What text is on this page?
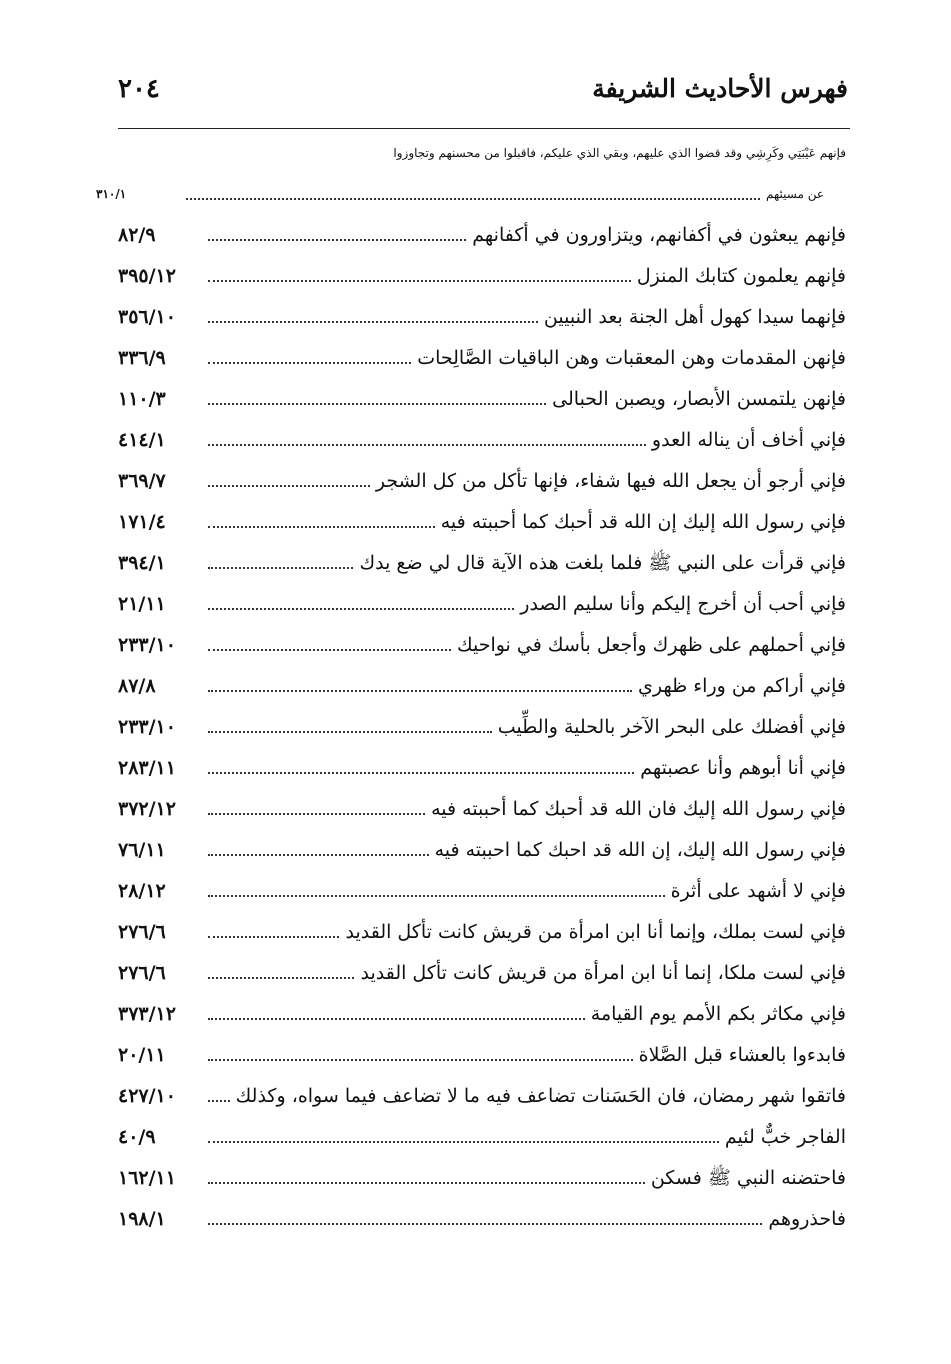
فهرس الأحاديث الشريفة
٢٠٤
فإنهم عَيْبَتِي وكَرِشِي وقد قضوا الذي عليهم، وبقي الذي عليكم، فاقبلوا من محسنهم وتجاوزوا
عن مسيئهم
٣١٠/١
فإنهم يبعثون في أكفانهم، ويتزاورون في أكفانهم
٨٢/٩
فإنهم يعلمون كتابك المنزل
٣٩٥/١٢
فإنهما سيدا كهول أهل الجنة بعد النبيين
٣٥٦/١٠
فإنهن المقدمات وهن المعقبات وهن الباقيات الصَّالِحات
٣٣٦/٩
فإنهن يلتمسن الأبصار، ويصبن الحبالى
١١٠/٣
فإني أخاف أن يناله العدو
٤١٤/١
فإني أرجو أن يجعل الله فيها شفاء، فإنها تأكل من كل الشجر
٣٦٩/٧
فإني رسول الله إليك إن الله قد أحبك كما أحببته فيه
١٧١/٤
فإني قرأت على النبي ﷺ فلما بلغت هذه الآية قال لي ضع يدك
٣٩٤/١
فإني أحب أن أخرج إليكم وأنا سليم الصدر
٢١/١١
فإني أحملهم على ظهرك وأجعل بأسك في نواحيك
٢٣٣/١٠
فإني أراكم من وراء ظهري
٨٧/٨
فإني أفضلك على البحر الآخر بالحلية والطِّيب
٢٣٣/١٠
فإني أنا أبوهم وأنا عصبتهم
٢٨٣/١١
فإني رسول الله إليك فان الله قد أحبك كما أحببته فيه
٣٧٢/١٢
فإني رسول الله إليك، إن الله قد احبك كما احببته فيه
٧٦/١١
فإني لا أشهد على أثرة
٢٨/١٢
فإني لست بملك، وإنما أنا ابن امرأة من قريش كانت تأكل القديد
٢٧٦/٦
فإني لست ملكا، إنما أنا ابن امرأة من قريش كانت تأكل القديد
٢٧٦/٦
فإني مكاثر بكم الأمم يوم القيامة
٣٧٣/١٢
فابدءوا بالعشاء قبل الصَّلاة
٢٠/١١
فاتقوا شهر رمضان، فان الحَسَنات تضاعف فيه ما لا تضاعف فيما سواه، وكذلك
٤٢٧/١٠
الفاجر خبٌّ لئيم
٤٠/٩
فاحتضنه النبي ﷺ فسكن
١٦٢/١١
فاحذروهم
١٩٨/١
